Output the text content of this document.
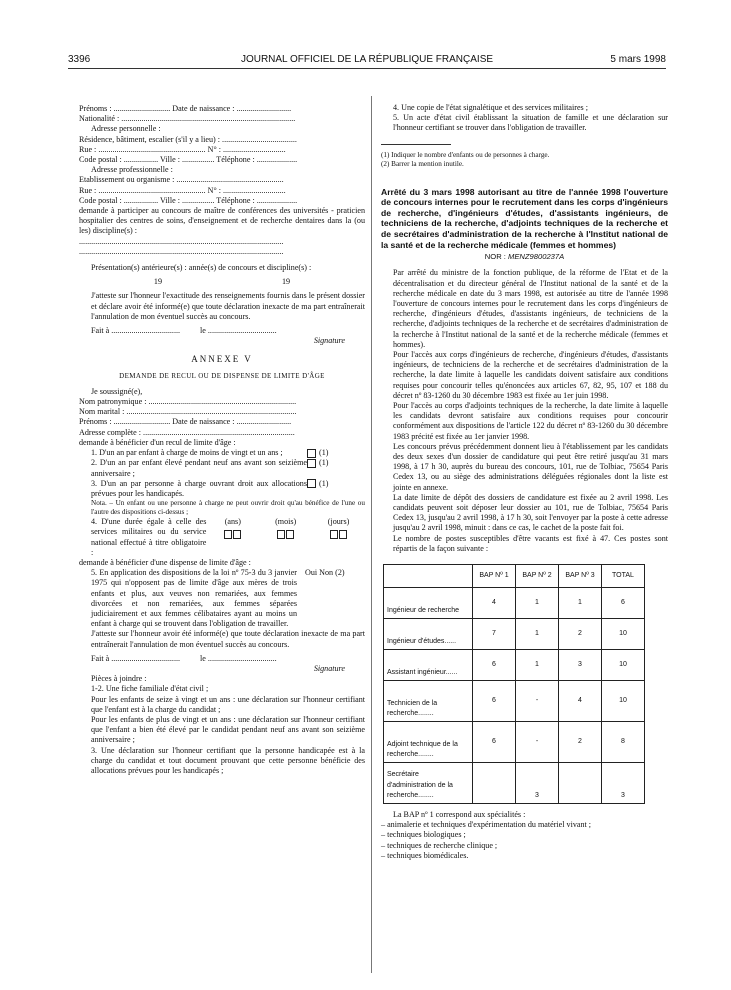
3396	JOURNAL OFFICIEL DE LA RÉPUBLIQUE FRANÇAISE	5 mars 1998
Prénoms : ............................ Date de naissance : ...........................
Nationalité : ......................................................................................
Adresse personnelle :
Résidence, bâtiment, escalier (s'il y a lieu) : .....................................
Rue : ..................................................... N° : ...............................
Code postal : ................. Ville : ................ Téléphone : ....................
Adresse professionnelle :
Etablissement ou organisme : .....................................................
Rue : ..................................................... N° : ...............................
Code postal : ................. Ville : ................ Téléphone : ....................
demande à participer au concours de maître de conférences des universités - praticien hospitalier des centres de soins, d'enseignement et de recherche dentaires dans la (ou les) discipline(s) :
.....................................................................................................
.....................................................................................................
Présentation(s) antérieure(s) : année(s) de concours et discipline(s) :
19	19
J'atteste sur l'honneur l'exactitude des renseignements fournis dans le présent dossier et déclare avoir été informé(e) que toute déclaration inexacte de ma part entraînerait l'annulation de mon éventuel succès au concours.
Fait à .................................. le ..................................
Signature
ANNEXE V
DEMANDE DE RECUL OU DE DISPENSE DE LIMITE D'ÂGE
Je soussigné(e),
Nom patronymique : .........................................................................
Nom marital : ....................................................................................
Prénoms : ............................ Date de naissance : ...........................
Adresse complète : ...........................................................................
demande à bénéficier d'un recul de limite d'âge :
1. D'un an par enfant à charge de moins de vingt et un ans ;	(1)
2. D'un an par enfant élevé pendant neuf ans avant son seizième anniversaire ;
(1)
3. D'un an par personne à charge ouvrant droit aux allocations prévues pour les handicapés.
(1)
Nota. – Un enfant ou une personne à charge ne peut ouvrir droit qu'au bénéfice de l'une ou l'autre des dispositions ci-dessus ;
4. D'une durée égale à celle des services militaires ou du service national effectué à titre obligatoire :
(ans)	(mois)	(jours)
demande à bénéficier d'une dispense de limite d'âge :
5. En application des dispositions de la loi nº 75-3 du 3 janvier 1975 qui n'opposent pas de limite d'âge aux mères de trois enfants et plus, aux veuves non remariées, aux femmes divorcées et non remariées, aux femmes séparées judiciairement et aux femmes célibataires ayant au moins un enfant à charge qui se trouvent dans l'obligation de travailler.
Oui Non (2)
J'atteste sur l'honneur avoir été informé(e) que toute déclaration inexacte de ma part entraînerait l'annulation de mon éventuel succès au concours.
Fait à .................................. le ..................................
Signature
Pièces à joindre :
1-2. Une fiche familiale d'état civil ;
Pour les enfants de seize à vingt et un ans : une déclaration sur l'honneur certifiant que l'enfant est à la charge du candidat ;
Pour les enfants de plus de vingt et un ans : une déclaration sur l'honneur certifiant que l'enfant a bien été élevé par le candidat pendant neuf ans avant son seizième anniversaire ;
3. Une déclaration sur l'honneur certifiant que la personne handicapée est à la charge du candidat et tout document prouvant que cette personne bénéficie des allocations prévues pour les handicapés ;
4. Une copie de l'état signalétique et des services militaires ;
5. Un acte d'état civil établissant la situation de famille et une déclaration sur l'honneur certifiant se trouver dans l'obligation de travailler.
(1) Indiquer le nombre d'enfants ou de personnes à charge.
(2) Barrer la mention inutile.
Arrêté du 3 mars 1998 autorisant au titre de l'année 1998 l'ouverture de concours internes pour le recrutement dans les corps d'ingénieurs de recherche, d'ingénieurs d'études, d'assistants ingénieurs, de techniciens de la recherche, d'adjoints techniques de la recherche et de secrétaires d'administration de la recherche à l'Institut national de la santé et de la recherche médicale (femmes et hommes)
NOR : MENZ9800237A
Par arrêté du ministre de la fonction publique, de la réforme de l'Etat et de la décentralisation et du directeur général de l'Institut national de la santé et de la recherche médicale en date du 3 mars 1998, est autorisée au titre de l'année 1998 l'ouverture de concours internes pour le recrutement dans les corps d'ingénieurs de recherche, d'ingénieurs d'études, d'assistants ingénieurs, de techniciens de la recherche, d'adjoints techniques de la recherche et de secrétaires d'administration de la recherche à l'Institut national de la santé et de la recherche médicale (femmes et hommes).
Pour l'accès aux corps d'ingénieurs de recherche, d'ingénieurs d'études, d'assistants ingénieurs, de techniciens de la recherche et de secrétaires d'administration de la recherche, la date limite à laquelle les candidats doivent satisfaire aux conditions requises pour concourir telles qu'énoncées aux articles 67, 82, 95, 107 et 188 du décret nº 83-1260 du 30 décembre 1983 est fixée au 1er juin 1998.
Pour l'accès au corps d'adjoints techniques de la recherche, la date limite à laquelle les candidats devront satisfaire aux conditions requises pour concourir conformément aux dispositions de l'article 122 du décret nº 83-1260 du 30 décembre 1983 précité est fixée au 1er janvier 1998.
Les concours prévus précédemment donnent lieu à l'établissement par les candidats des deux sexes d'un dossier de candidature qui peut être retiré jusqu'au 31 mars 1998, à 17 h 30, auprès du bureau des concours, 101, rue de Tolbiac, 75654 Paris Cedex 13, ou au siège des administrations déléguées régionales dont la liste est jointe en annexe.
La date limite de dépôt des dossiers de candidature est fixée au 2 avril 1998. Les candidats peuvent soit déposer leur dossier au 101, rue de Tolbiac, 75654 Paris Cedex 13, jusqu'au 2 avril 1998, à 17 h 30, soit l'envoyer par la poste à cette adresse jusqu'au 2 avril 1998, minuit : dans ce cas, le cachet de la poste fait foi.
Le nombre de postes susceptibles d'être vacants est fixé à 47. Ces postes sont répartis de la façon suivante :
	BAP Nº 1	BAP Nº 2	BAP Nº 3	TOTAL
Ingénieur de recherche	4	1	1	6
Ingénieur d'études......	7	1	2	10
Assistant ingénieur......	6	1	3	10
Technicien de la recherche........	6	-	4	10
Adjoint technique de la recherche........	6	-	2	8
Secrétaire d'administration de la recherche........		3		3
La BAP nº 1 correspond aux spécialités :
– animalerie et techniques d'expérimentation du matériel vivant ;
– techniques biologiques ;
– techniques de recherche clinique ;
– techniques biomédicales.
